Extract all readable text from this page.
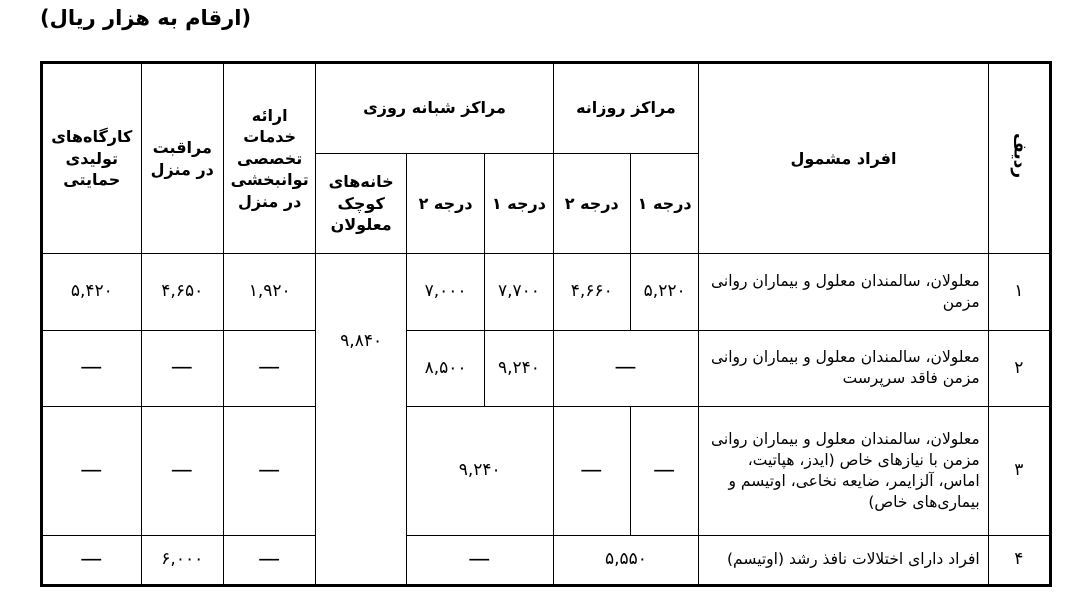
(ارقام به هزار ریال)
ردیف	افراد مشمول	مراکز روزانه		مراکز شبانه روزی			ارائه خدمات تخصصی توانبخشی در منزل	مراقبت در منزل	کارگاه‌های تولیدی حمایتی
		درجه ۱	درجه ۲	درجه ۱	درجه ۲	خانه‌های کوچک معلولان			
۱	معلولان، سالمندان معلول و بیماران روانی مزمن	۵,۲۲۰	۴,۶۶۰	۷,۷۰۰	۷,۰۰۰	۹,۸۴۰	۱,۹۲۰	۴,۶۵۰	۵,۴۲۰
۲	معلولان، سالمندان معلول و بیماران روانی مزمن فاقد سرپرست	—		۹,۲۴۰	۸,۵۰۰		—	—	—
۳	معلولان، سالمندان معلول و بیماران روانی مزمن با نیازهای خاص (ایدز، هپاتیت، اماس، آلزایمر، ضایعه نخاعی، اوتیسم و بیماری‌های خاص)	—	—	۹,۲۴۰			—	—	—
۴	افراد دارای اختلالات نافذ رشد (اوتیسم)	۵,۵۵۰		—			—	۶,۰۰۰	—
